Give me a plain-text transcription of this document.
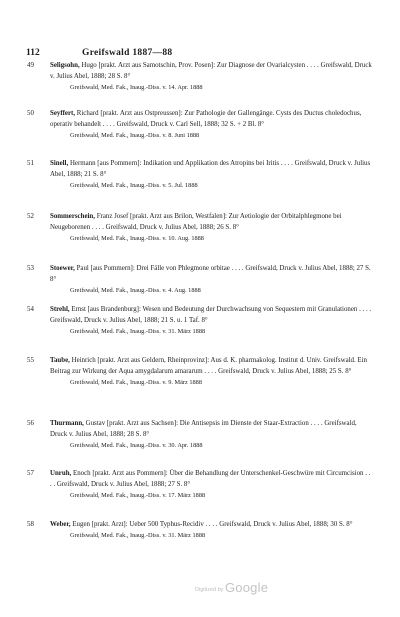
112	Greifswald 1887—88
49 Seligsohn, Hugo [prakt. Arzt aus Samotschin, Prov. Posen]: Zur Diagnose der Ovarialcysten . . . . Greifswald, Druck v. Julius Abel, 1888; 28 S. 8°
Greifswald, Med. Fak., Inaug.-Diss. v. 14. Apr. 1888
50 Seyffert, Richard [prakt. Arzt aus Ostpreussen]: Zur Pathologie der Gallengänge. Cysts des Ductus choledochus, operativ behandelt . . . . Greifswald, Druck v. Carl Sell, 1888; 32 S. + 2 Bl. 8°
Greifswald, Med. Fak., Inaug.-Diss. v. 8. Juni 1888
51 Sinell, Hermann [aus Pommern]: Indikation und Applikation des Atropins bei Iritis . . . . Greifswald, Druck v. Julius Abel, 1888; 21 S. 8°
Greifswald, Med. Fak., Inaug.-Diss. v. 5. Jul. 1888
52 Sommerschein, Franz Josef [prakt. Arzt aus Brilon, Westfalen]: Zur Aetiologie der Orbitalphlegmone bei Neugeborenen . . . . Greifswald, Druck v. Julius Abel, 1888; 26 S. 8°
Greifswald, Med. Fak., Inaug.-Diss. v. 10. Aug. 1888
53 Stoewer, Paul [aus Pommern]: Drei Fälle von Phlegmone orbitae . . . . Greifswald, Druck v. Julius Abel, 1888; 27 S. 8°
Greifswald, Med. Fak., Inaug.-Diss. v. 4. Aug. 1888
54 Strehl, Ernst [aus Brandenburg]: Wesen und Bedeutung der Durchwachsung von Sequestern mit Granulationen . . . . Greifswald, Druck v. Julius Abel, 1888; 21 S. u. 1 Taf. 8°
Greifswald, Med. Fak., Inaug.-Diss. v. 31. März 1888
55 Taube, Heinrich [prakt. Arzt aus Geldern, Rheinprovinz]: Aus d. K. pharmakolog. Institut d. Univ. Greifswald. Ein Beitrag zur Wirkung der Aqua amygdalarum amararum . . . . Greifswald, Druck v. Julius Abel, 1888; 25 S. 8°
Greifswald, Med. Fak., Inaug.-Diss. v. 9. März 1888
56 Thurmann, Gustav [prakt. Arzt aus Sachsen]: Die Antisepsis im Dienste der Staar-Extraction . . . . Greifswald, Druck v. Julius Abel, 1888; 28 S. 8°
Greifswald, Med. Fak., Inaug.-Diss. v. 30. Apr. 1888
57 Unruh, Enoch [prakt. Arzt aus Pommern]: Über die Behandlung der Unterschenkel-Geschwüre mit Circumcision . . . . Greifswald, Druck v. Julius Abel, 1888; 27 S. 8°
Greifswald, Med. Fak., Inaug.-Diss. v. 17. März 1888
58 Weber, Eugen [prakt. Arzt]: Ueber 500 Typhus-Recidiv . . . . Greifswald, Druck v. Julius Abel, 1888; 30 S. 8°
Greifswald, Med. Fak., Inaug.-Diss. v. 31. März 1888
Digitized by Google
